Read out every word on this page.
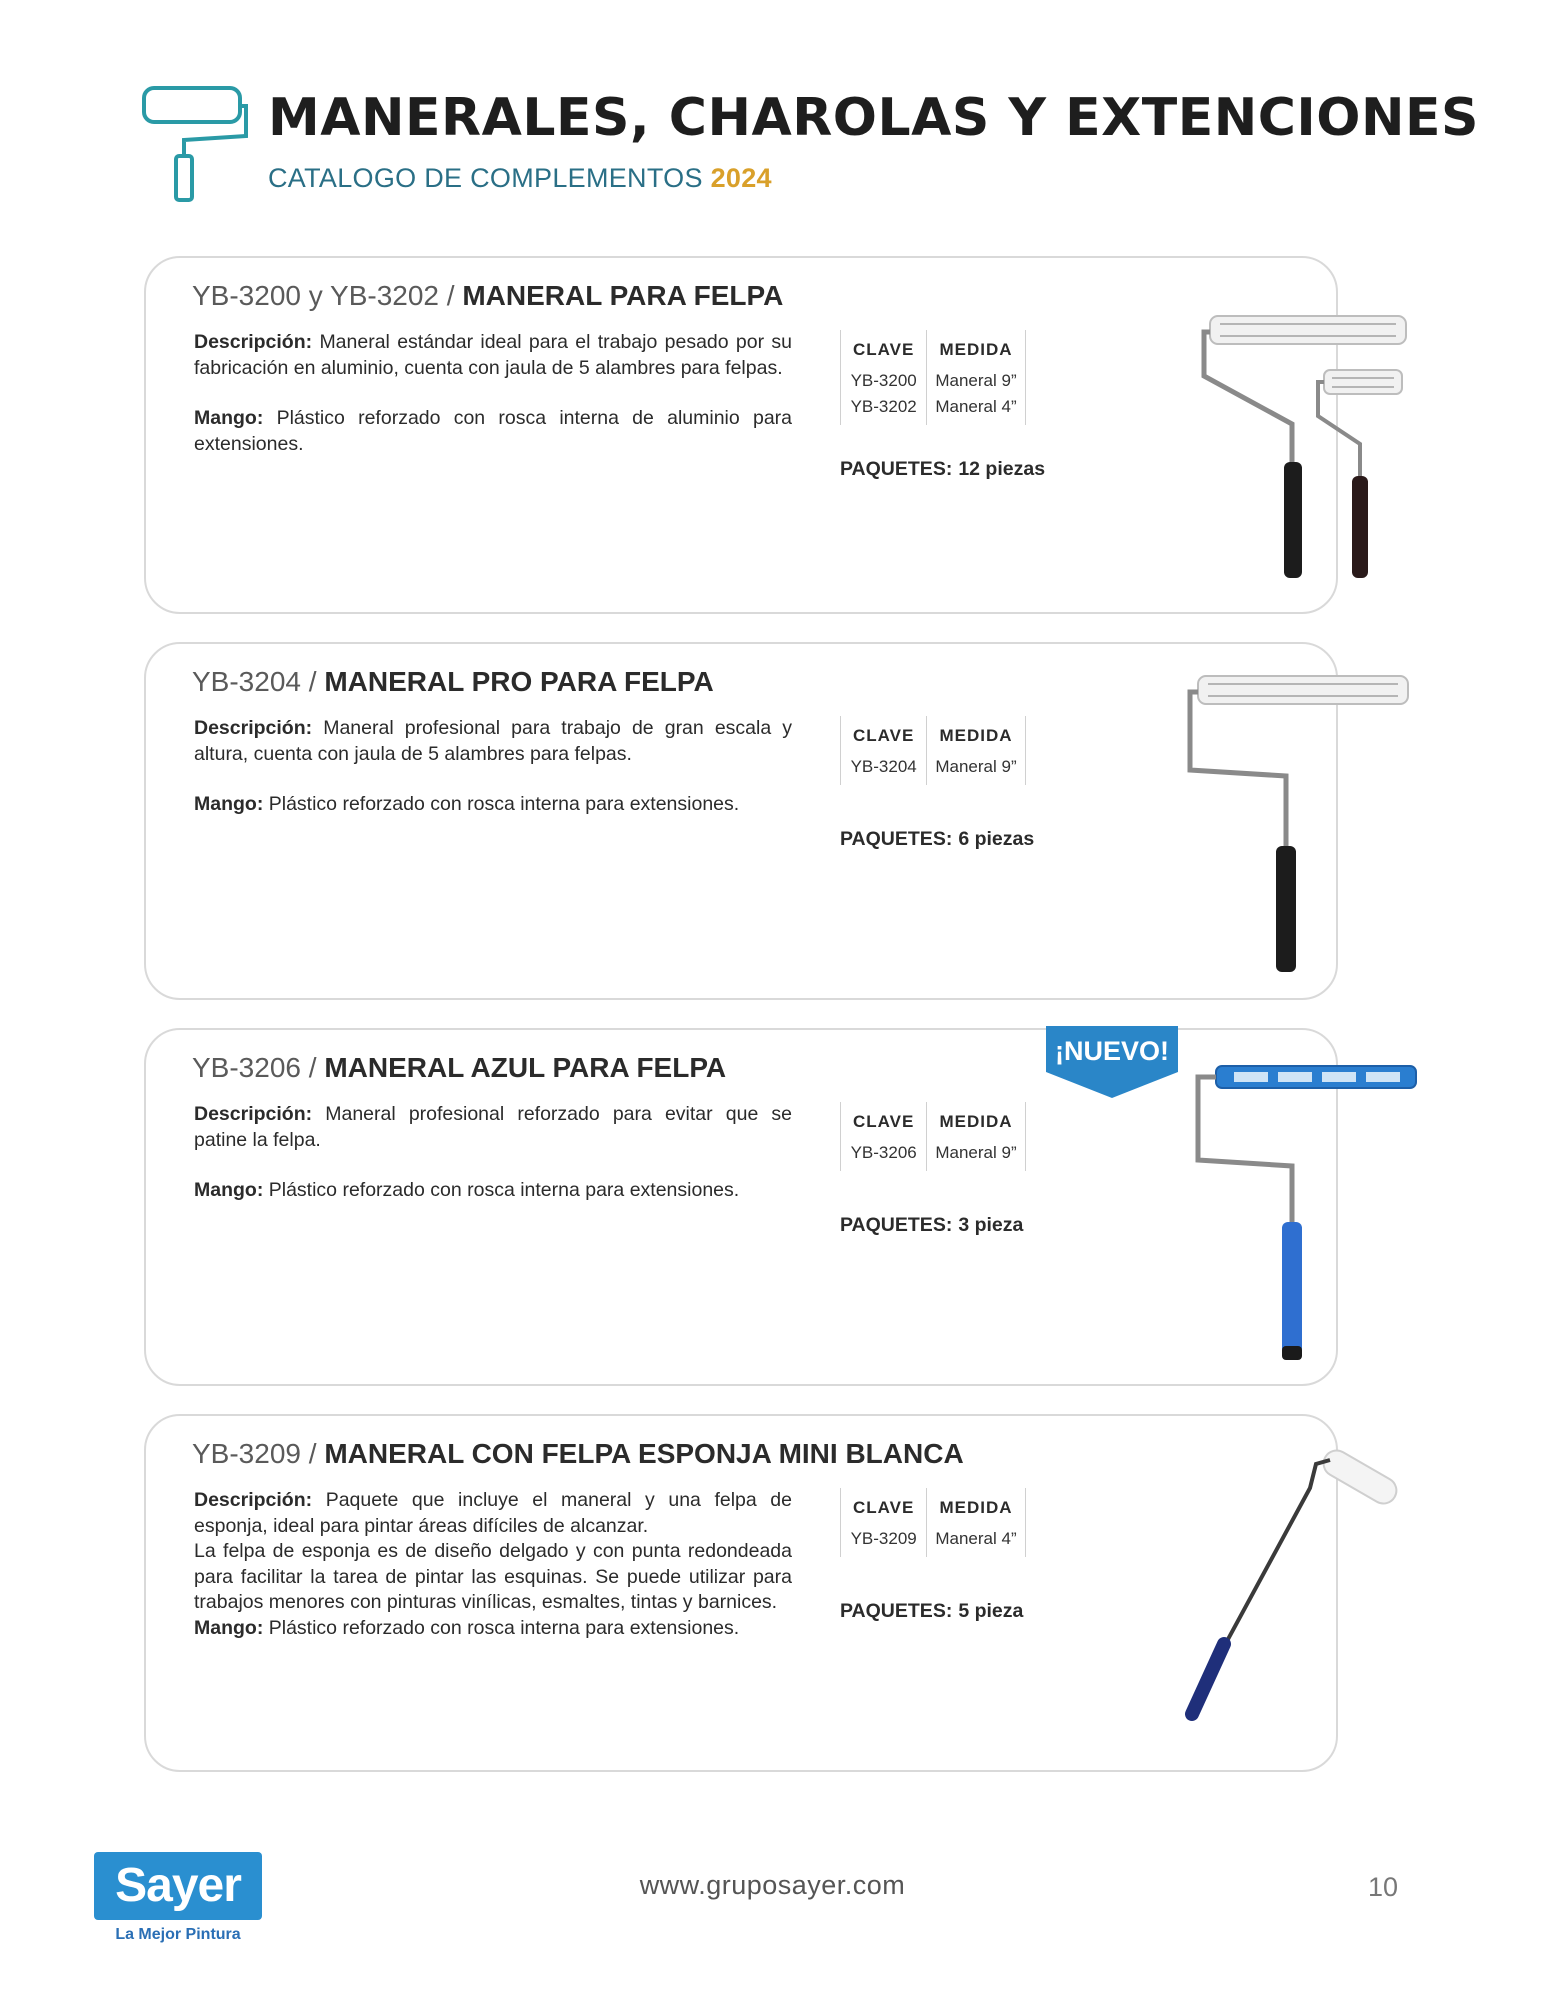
MANERALES, CHAROLAS Y EXTENCIONES
CATALOGO DE COMPLEMENTOS 2024
YB-3200 y YB-3202 / MANERAL PARA FELPA

Descripción: Maneral estándar ideal para el trabajo pesado por su fabricación en aluminio, cuenta con jaula de 5 alambres para felpas.

Mango: Plástico reforzado con rosca interna de aluminio para extensiones.

CLAVE	MEDIDA
YB-3200	Maneral 9”
YB-3202	Maneral 4”
PAQUETES: 12 piezas
YB-3204 / MANERAL PRO PARA FELPA

Descripción: Maneral profesional para trabajo de gran escala y altura, cuenta con jaula de 5 alambres para felpas.

Mango: Plástico reforzado con rosca interna para extensiones.

CLAVE	MEDIDA
YB-3204	Maneral 9”
PAQUETES: 6 piezas
YB-3206 / MANERAL AZUL PARA FELPA

Descripción: Maneral profesional reforzado para evitar que se patine la felpa.

Mango: Plástico reforzado con rosca interna para extensiones.

CLAVE	MEDIDA
YB-3206	Maneral 9”
PAQUETES: 3 pieza
¡NUEVO!
YB-3209 / MANERAL CON FELPA ESPONJA MINI BLANCA

Descripción: Paquete que incluye el maneral y una felpa de esponja, ideal para pintar áreas difíciles de alcanzar.

La felpa de esponja es de diseño delgado y con punta redondeada para facilitar la tarea de pintar las esquinas. Se puede utilizar para trabajos menores con pinturas vinílicas, esmaltes, tintas y barnices.

Mango: Plástico reforzado con rosca interna para extensiones.

CLAVE	MEDIDA
YB-3209	Maneral 4”
PAQUETES: 5 pieza
Sayer
La Mejor Pintura
www.gruposayer.com	10
